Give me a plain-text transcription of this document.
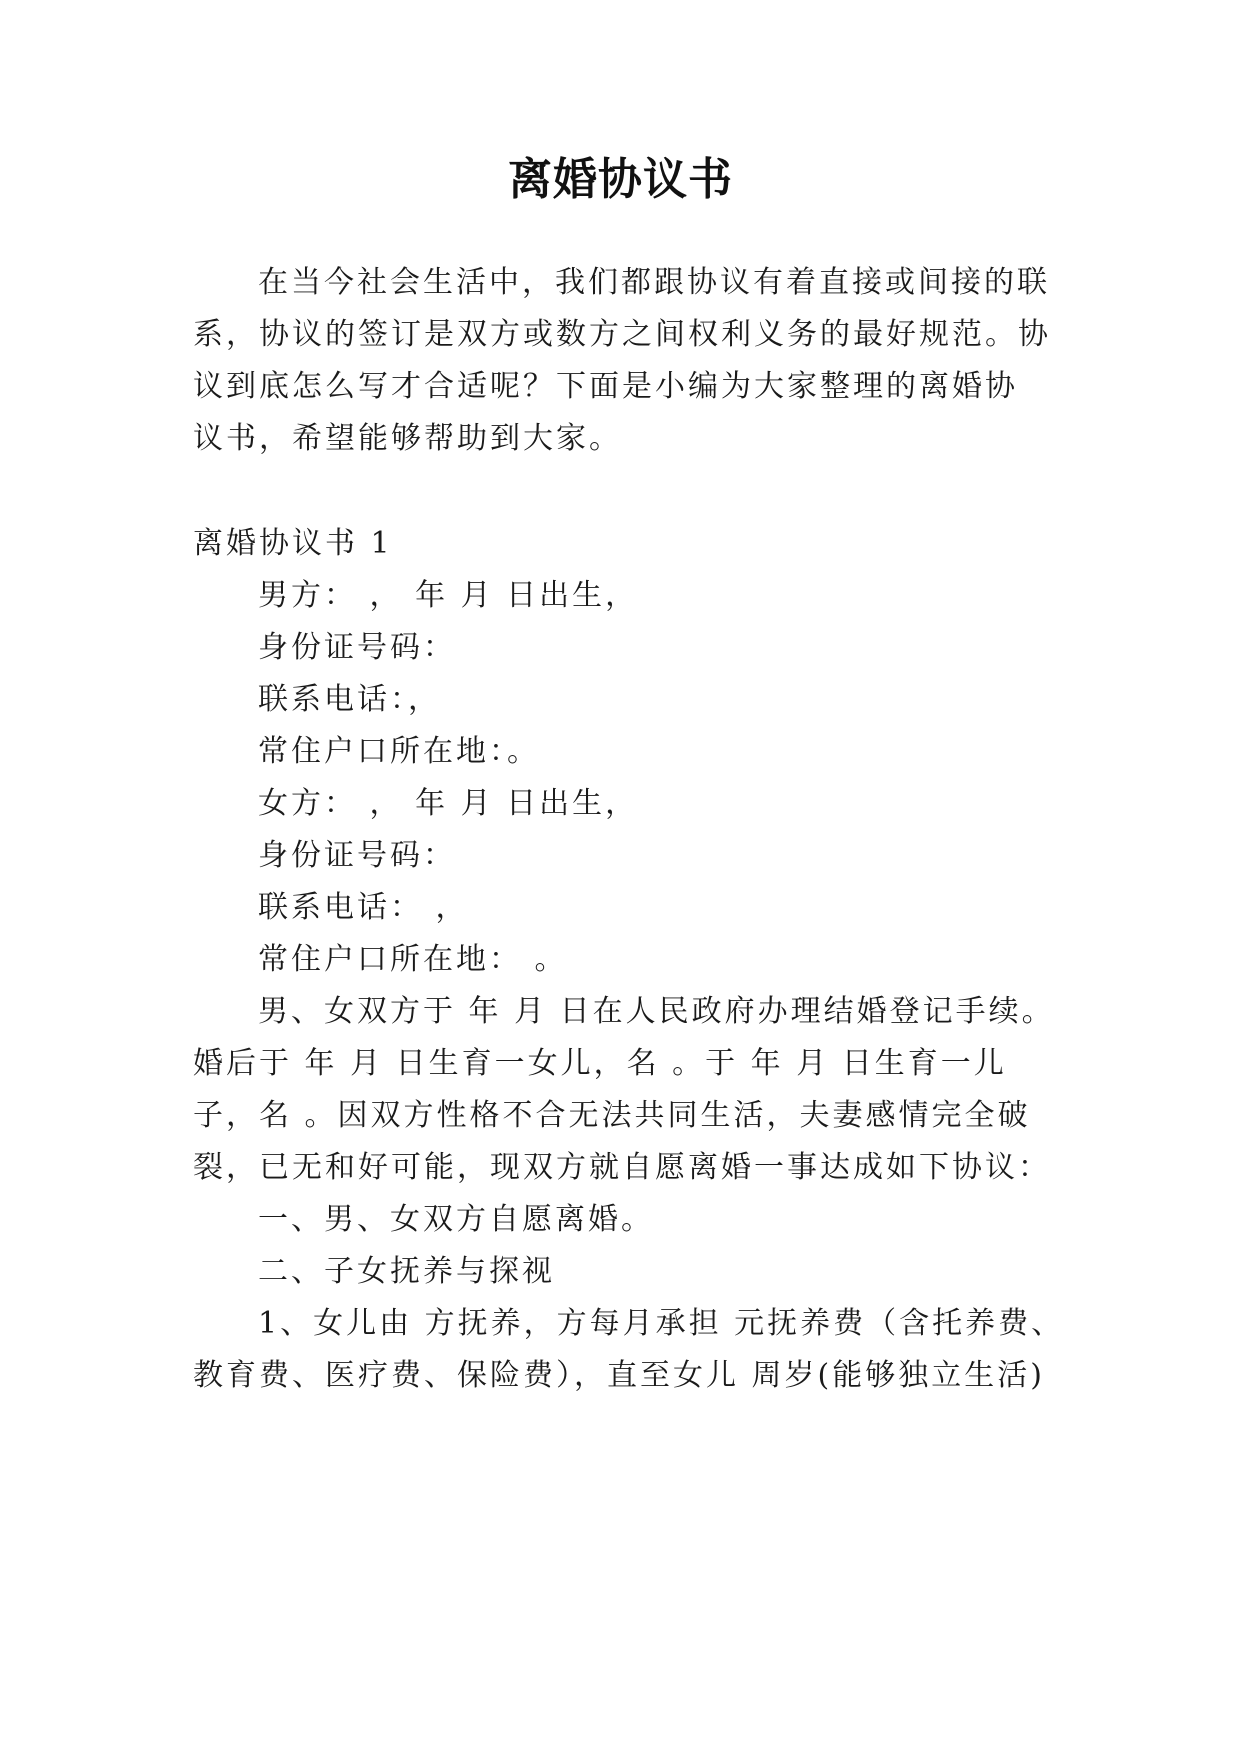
离婚协议书
在当今社会生活中，我们都跟协议有着直接或间接的联
系，协议的签订是双方或数方之间权利义务的最好规范。协
议到底怎么写才合适呢？下面是小编为大家整理的离婚协
议书，希望能够帮助到大家。
离婚协议书 1
男方： ， 年 月 日出生，
身份证号码：
联系电话：，
常住户口所在地：。
女方： ， 年 月 日出生，
身份证号码：
联系电话： ，
常住户口所在地： 。
男、女双方于 年 月 日在人民政府办理结婚登记手续。
婚后于 年 月 日生育一女儿，名 。于 年 月 日生育一儿
子，名 。因双方性格不合无法共同生活，夫妻感情完全破
裂，已无和好可能，现双方就自愿离婚一事达成如下协议：
一、男、女双方自愿离婚。
二、子女抚养与探视
1、女儿由 方抚养，方每月承担 元抚养费（含托养费、
教育费、医疗费、保险费），直至女儿 周岁(能够独立生活)
